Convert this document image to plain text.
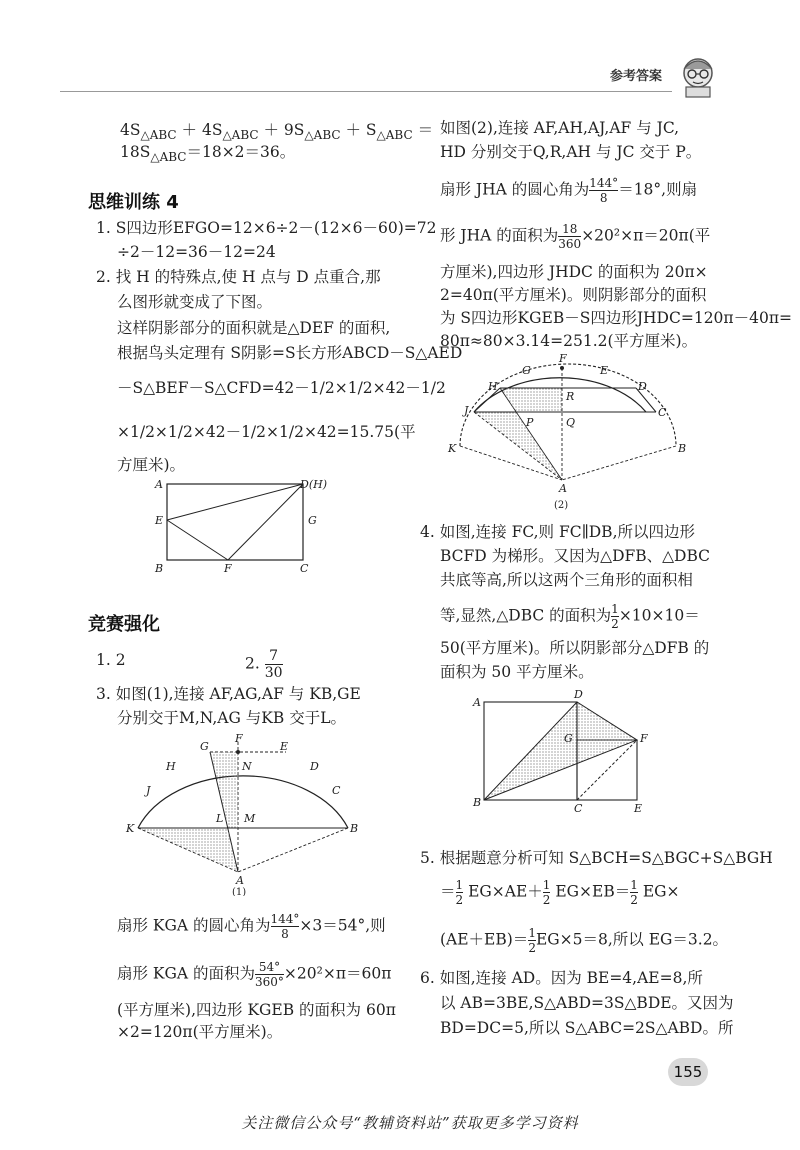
参考答案
$4S_{\triangle ABC} + 4S_{\triangle ABC} + 9S_{\triangle ABC} + S_{\triangle ABC}$ ＝
$18S_{\triangle ABC}=18\times 2=36$。
思维训练 4
1. S四边形EFGO=12×6÷2－(12×6－60)=72
÷2－12=36－12=24
2. 找 H 的特殊点,使 H 点与 D 点重合,那
么图形就变成了下图。
这样阴影部分的面积就是△DEF 的面积,
根据鸟头定理有 S阴影=S长方形ABCD－S△AED
－S△BEF－S△CFD=42－1/2×1/2×42－1/2
×1/2×1/2×42－1/2×1/2×42=15.75(平
方厘米)。
A	D(H)
E	G
B	F	C
竞赛强化
1. 2	2. $\frac{7}{30}$
3. 如图(1),连接 AF,AG,AF 与 KB,GE
分别交于M,N,AG 与KB 交于L。
F
G	E
N
H	D
J	C
L M
K	B
A
(1)
扇形 KGA 的圆心角为 $\frac{144^\circ}{8} \times 3=54^\circ$,则
扇形 KGA 的面积为 $\frac{54^\circ}{360^\circ} \times 20^2\times\pi=60\pi$
(平方厘米),四边形 KGEB 的面积为 60π
×2=120π(平方厘米)。
如图(2),连接 AF,AH,AJ,AF 与 JC,
HD 分别交于Q,R,AH 与 JC 交于 P。
扇形 JHA 的圆心角为 $\frac{144^\circ}{8} =18^\circ$,则扇
形 JHA 的面积为 $\frac{18}{360} \times 20^2\times\pi=20\pi$(平
方厘米),四边形 JHDC 的面积为 20π×
2=40π(平方厘米)。则阴影部分的面积
为 S四边形KGEB－S四边形JHDC=120π－40π=
80π≈80×3.14=251.2(平方厘米)。
F
G	E
H
R
D
J
P	Q
C
K	B
A
(2)
4. 如图,连接 FC,则 FC∥DB,所以四边形
BCFD 为梯形。又因为△DFB、△DBC
共底等高,所以这两个三角形的面积相
等,显然,△DBC 的面积为 $\frac{1}{2} \times 10\times 10=$
50(平方厘米)。所以阴影部分△DFB 的
面积为 50 平方厘米。
A
D
G	F
B	C	E
5. 根据题意分析可知 S△BCH=S△BGC+S△BGH
＝ $\frac{1}{2} EG\times AE+ \frac{1}{2} EG\times EB= \frac{1}{2} EG\times$
$(AE+EB)= \frac{1}{2} EG\times 5=8$,所以 EG＝3.2。
6. 如图,连接 AD。因为 BE=4,AE=8,所
以 AB=3BE,S△ABD=3S△BDE。又因为
BD=DC=5,所以 S△ABC=2S△ABD。所
155
关注微信公众号“教辅资料站”获取更多学习资料
